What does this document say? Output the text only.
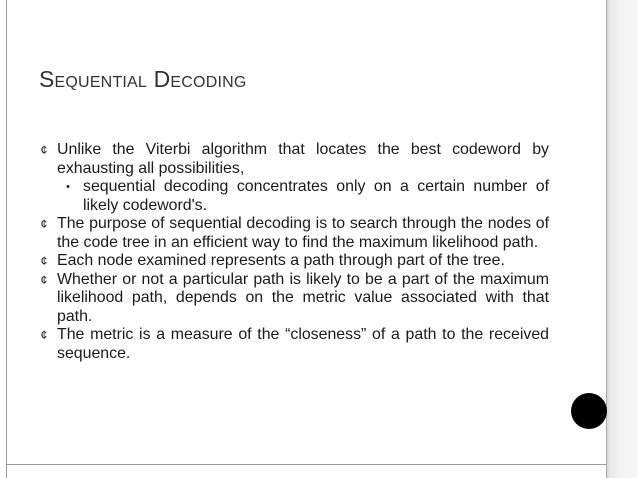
Sequential Decoding
¢ Unlike the Viterbi algorithm that locates the best codeword by exhausting all possibilities,
• sequential decoding concentrates only on a certain number of likely codeword's.
¢ The purpose of sequential decoding is to search through the nodes of the code tree in an efficient way to find the maximum likelihood path.
¢ Each node examined represents a path through part of the tree.
¢ Whether or not a particular path is likely to be a part of the maximum likelihood path, depends on the metric value associated with that path.
¢ The metric is a measure of the “closeness” of a path to the received sequence.
